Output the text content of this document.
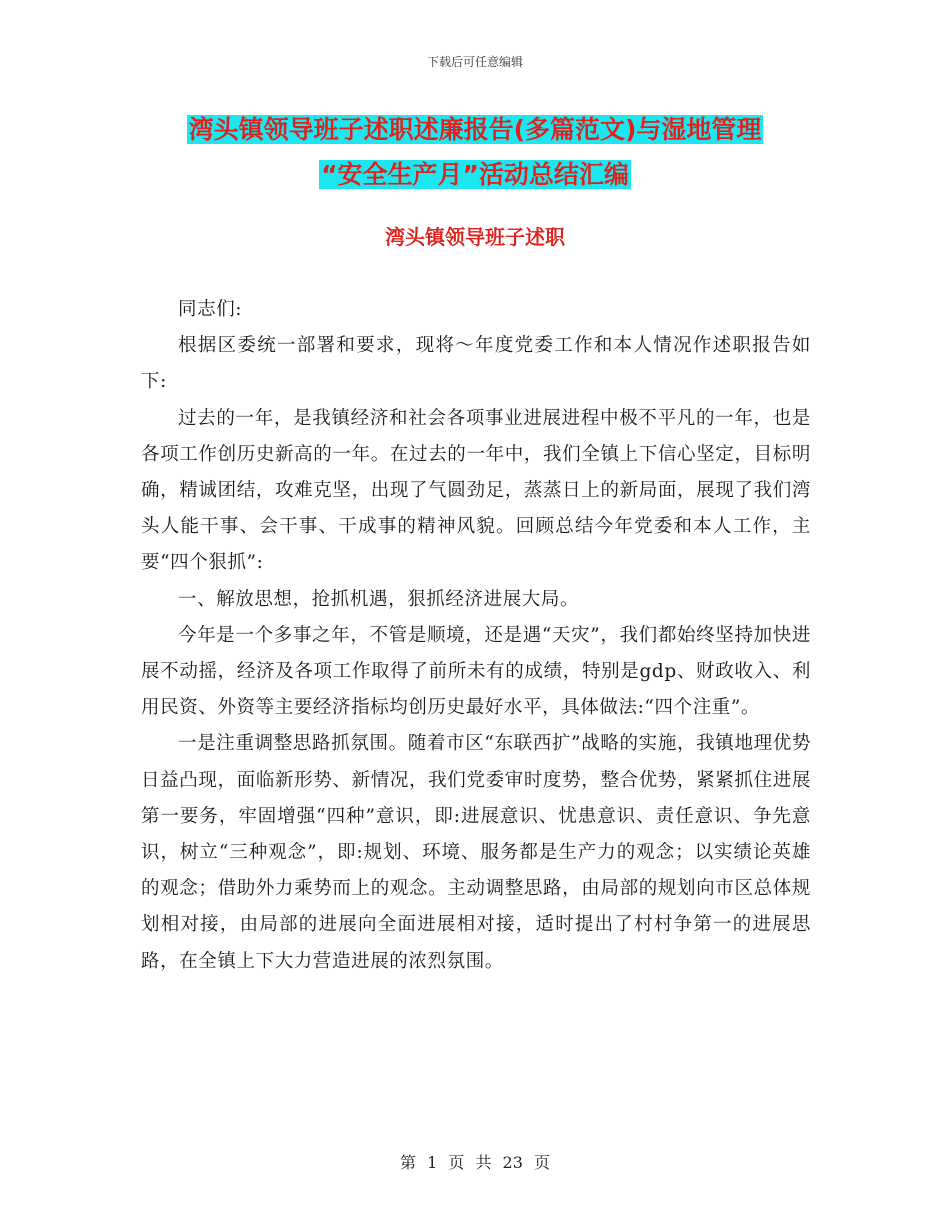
下载后可任意编辑
湾头镇领导班子述职述廉报告(多篇范文)与湿地管理
“安全生产月”活动总结汇编
湾头镇领导班子述职

同志们:

根据区委统一部署和要求，现将～年度党委工作和本人情况作述职报告如下:

过去的一年，是我镇经济和社会各项事业进展进程中极不平凡的一年，也是各项工作创历史新高的一年。在过去的一年中，我们全镇上下信心坚定，目标明确，精诚团结，攻难克坚，出现了气圆劲足，蒸蒸日上的新局面，展现了我们湾头人能干事、会干事、干成事的精神风貌。回顾总结今年党委和本人工作，主要“四个狠抓”:

一、解放思想，抢抓机遇，狠抓经济进展大局。

今年是一个多事之年，不管是顺境，还是遇“天灾”，我们都始终坚持加快进展不动摇，经济及各项工作取得了前所未有的成绩，特别是gdp、财政收入、利用民资、外资等主要经济指标均创历史最好水平，具体做法:“四个注重”。

一是注重调整思路抓氛围。随着市区“东联西扩”战略的实施，我镇地理优势日益凸现，面临新形势、新情况，我们党委审时度势，整合优势，紧紧抓住进展第一要务，牢固增强“四种”意识，即:进展意识、忧患意识、责任意识、争先意识，树立“三种观念”，即:规划、环境、服务都是生产力的观念；以实绩论英雄的观念；借助外力乘势而上的观念。主动调整思路，由局部的规划向市区总体规划相对接，由局部的进展向全面进展相对接，适时提出了村村争第一的进展思路，在全镇上下大力营造进展的浓烈氛围。

第 1 页 共 23 页
